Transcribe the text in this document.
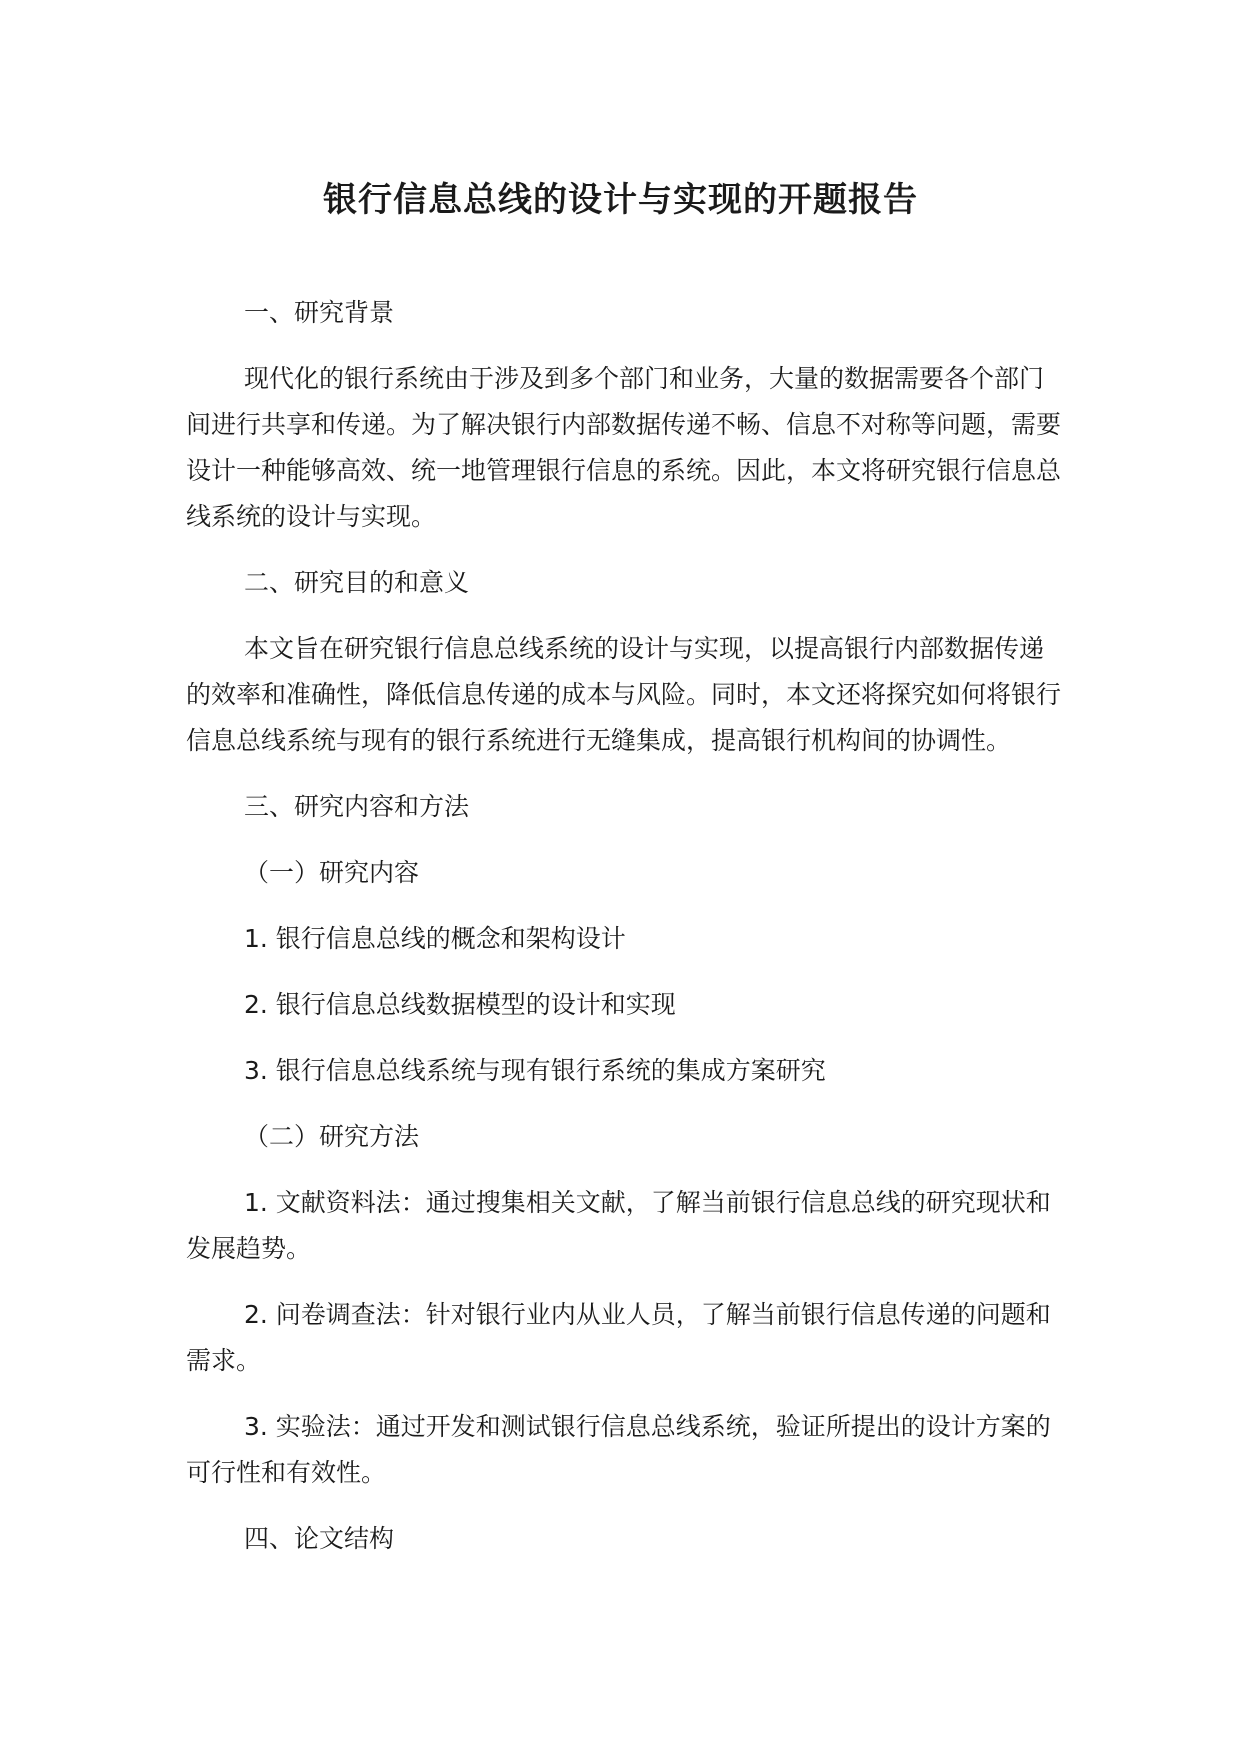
银行信息总线的设计与实现的开题报告

一、研究背景

现代化的银行系统由于涉及到多个部门和业务，大量的数据需要各个部门间进行共享和传递。为了解决银行内部数据传递不畅、信息不对称等问题，需要设计一种能够高效、统一地管理银行信息的系统。因此，本文将研究银行信息总线系统的设计与实现。

二、研究目的和意义

本文旨在研究银行信息总线系统的设计与实现，以提高银行内部数据传递的效率和准确性，降低信息传递的成本与风险。同时，本文还将探究如何将银行信息总线系统与现有的银行系统进行无缝集成，提高银行机构间的协调性。

三、研究内容和方法

（一）研究内容

1. 银行信息总线的概念和架构设计

2. 银行信息总线数据模型的设计和实现

3. 银行信息总线系统与现有银行系统的集成方案研究

（二）研究方法

1. 文献资料法：通过搜集相关文献，了解当前银行信息总线的研究现状和发展趋势。

2. 问卷调查法：针对银行业内从业人员，了解当前银行信息传递的问题和需求。

3. 实验法：通过开发和测试银行信息总线系统，验证所提出的设计方案的可行性和有效性。

四、论文结构
